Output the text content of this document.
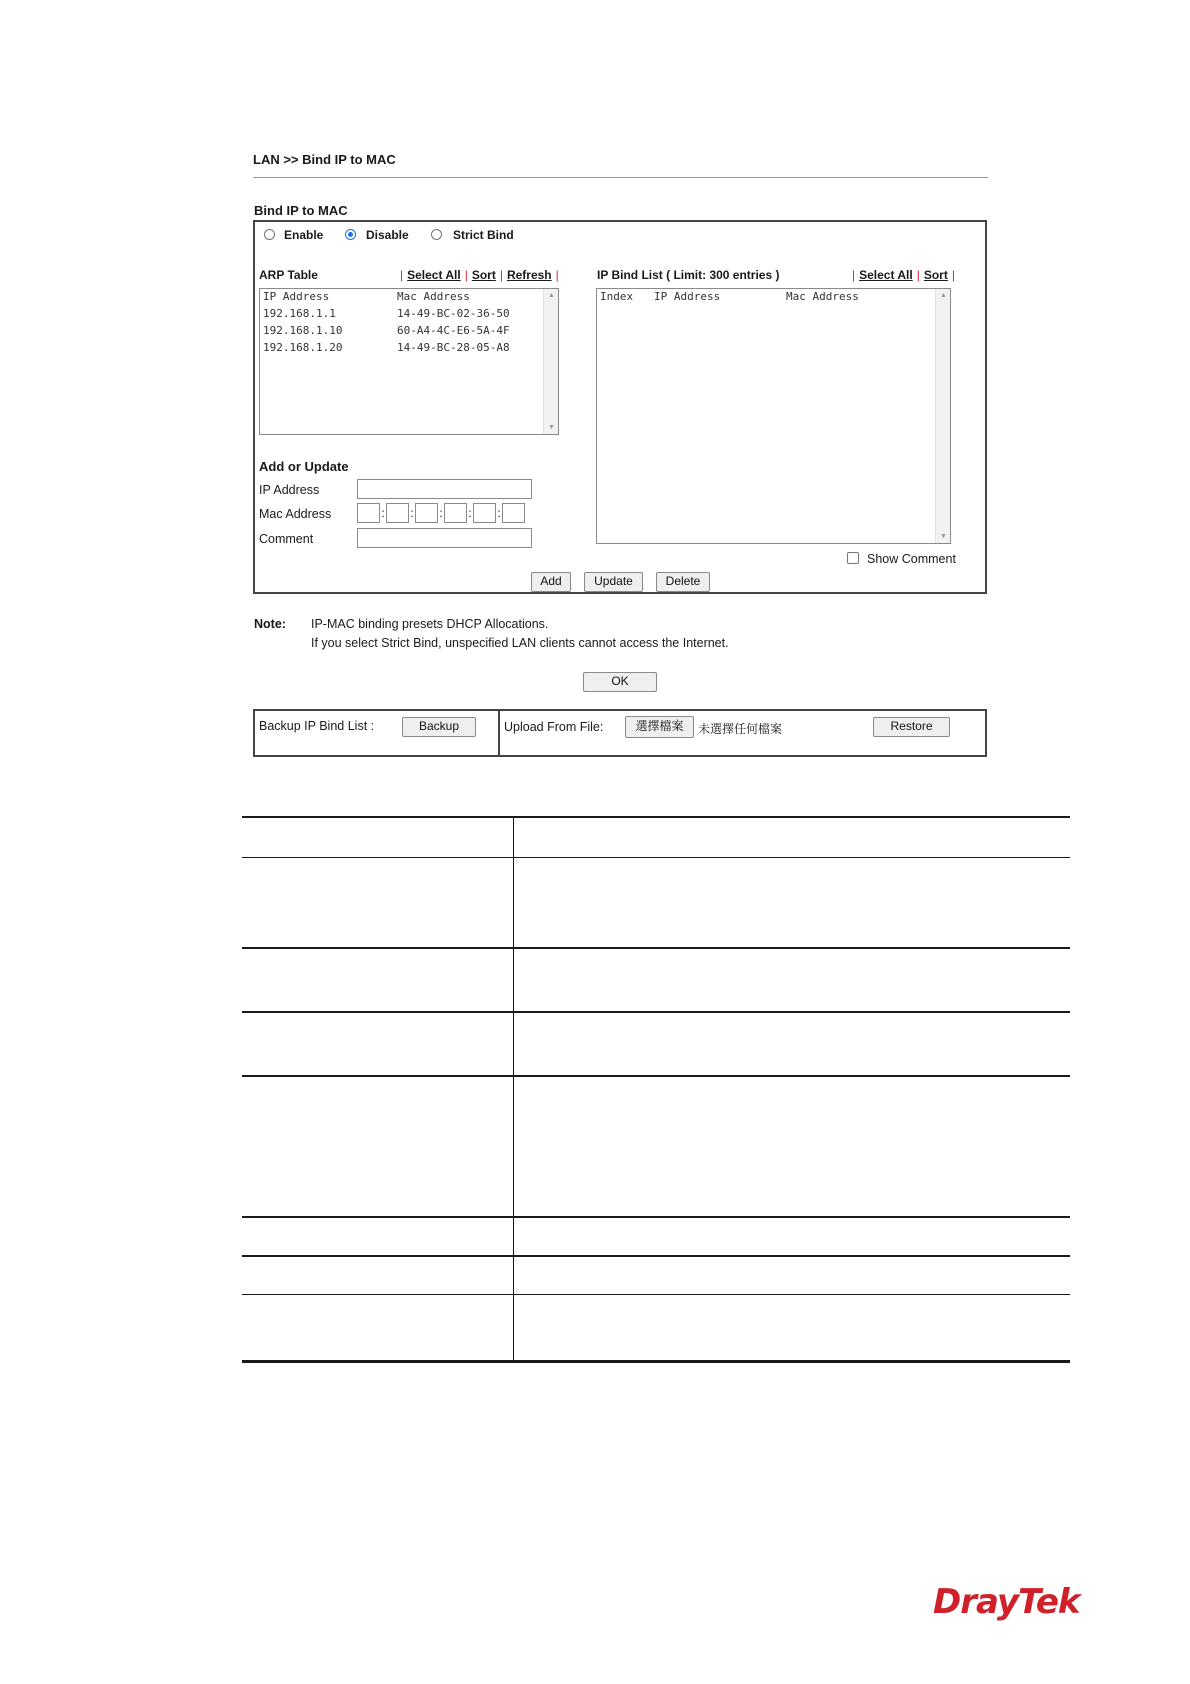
LAN >> Bind IP to MAC
Bind IP to MAC
Enable	Disable	Strict Bind
ARP Table	| Select All | Sort | Refresh |
IP Address	Mac Address
192.168.1.1	14-49-BC-02-36-50
192.168.1.10	60-A4-4C-E6-5A-4F
192.168.1.20	14-49-BC-28-05-A8
▲
▼
IP Bind List ( Limit: 300 entries )	| Select All | Sort |
Index IP Address	Mac Address	▲
▼
Add or Update
IP Address
Mac Address	: : : : :
Comment
Show Comment
Add	Update	Delete
Note: IP-MAC binding presets DHCP Allocations.
If you select Strict Bind, unspecified LAN clients cannot access the Internet.
OK
Backup IP Bind List :	Backup	Upload From File:	選擇檔案	未選擇任何檔案	Restore
DrayTek
